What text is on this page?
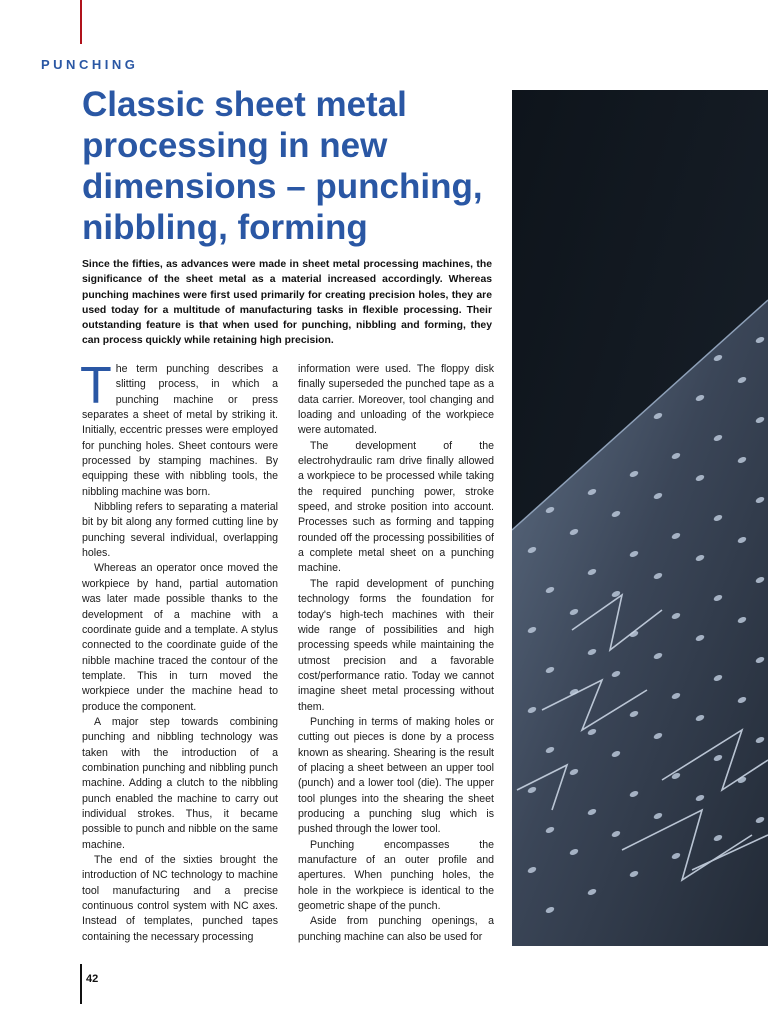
PUNCHING
Classic sheet metal processing in new dimensions – punching, nibbling, forming

Since the fifties, as advances were made in sheet metal processing machines, the significance of the sheet metal as a material increased accordingly. Whereas punching machines were first used primarily for creating precision holes, they are used today for a multitude of manufacturing tasks in flexible processing. Their outstanding feature is that when used for punching, nibbling and forming, they can process quickly while retaining high precision.

The term punching describes a slitting process, in which a punching machine or press separates a sheet of metal by striking it. Initially, eccentric presses were employed for punching holes. Sheet contours were processed by stamping machines. By equipping these with nibbling tools, the nibbling machine was born.

Nibbling refers to separating a material bit by bit along any formed cutting line by punching several individual, overlapping holes.

Whereas an operator once moved the workpiece by hand, partial automation was later made possible thanks to the development of a machine with a coordinate guide and a template. A stylus connected to the coordinate guide of the nibble machine traced the contour of the template. This in turn moved the workpiece under the machine head to produce the component.

A major step towards combining punching and nibbling technology was taken with the introduction of a combination punching and nibbling punch machine. Adding a clutch to the nibbling punch enabled the machine to carry out individual strokes. Thus, it became possible to punch and nibble on the same machine.

The end of the sixties brought the introduction of NC technology to machine tool manufacturing and a precise continuous control system with NC axes. Instead of templates, punched tapes containing the necessary processing

information were used. The floppy disk finally superseded the punched tape as a data carrier. Moreover, tool changing and loading and unloading of the workpiece were automated.

The development of the electrohydraulic ram drive finally allowed a workpiece to be processed while taking the required punching power, stroke speed, and stroke position into account. Processes such as forming and tapping rounded off the processing possibilities of a complete metal sheet on a punching machine.

The rapid development of punching technology forms the foundation for today's high-tech machines with their wide range of possibilities and high processing speeds while maintaining the utmost precision and a favorable cost/performance ratio. Today we cannot imagine sheet metal processing without them.

Punching in terms of making holes or cutting out pieces is done by a process known as shearing. Shearing is the result of placing a sheet between an upper tool (punch) and a lower tool (die). The upper tool plunges into the shearing the sheet producing a punching slug which is pushed through the lower tool.

Punching encompasses the manufacture of an outer profile and apertures. When punching holes, the hole in the workpiece is identical to the geometric shape of the punch.

Aside from punching openings, a punching machine can also be used for

42
